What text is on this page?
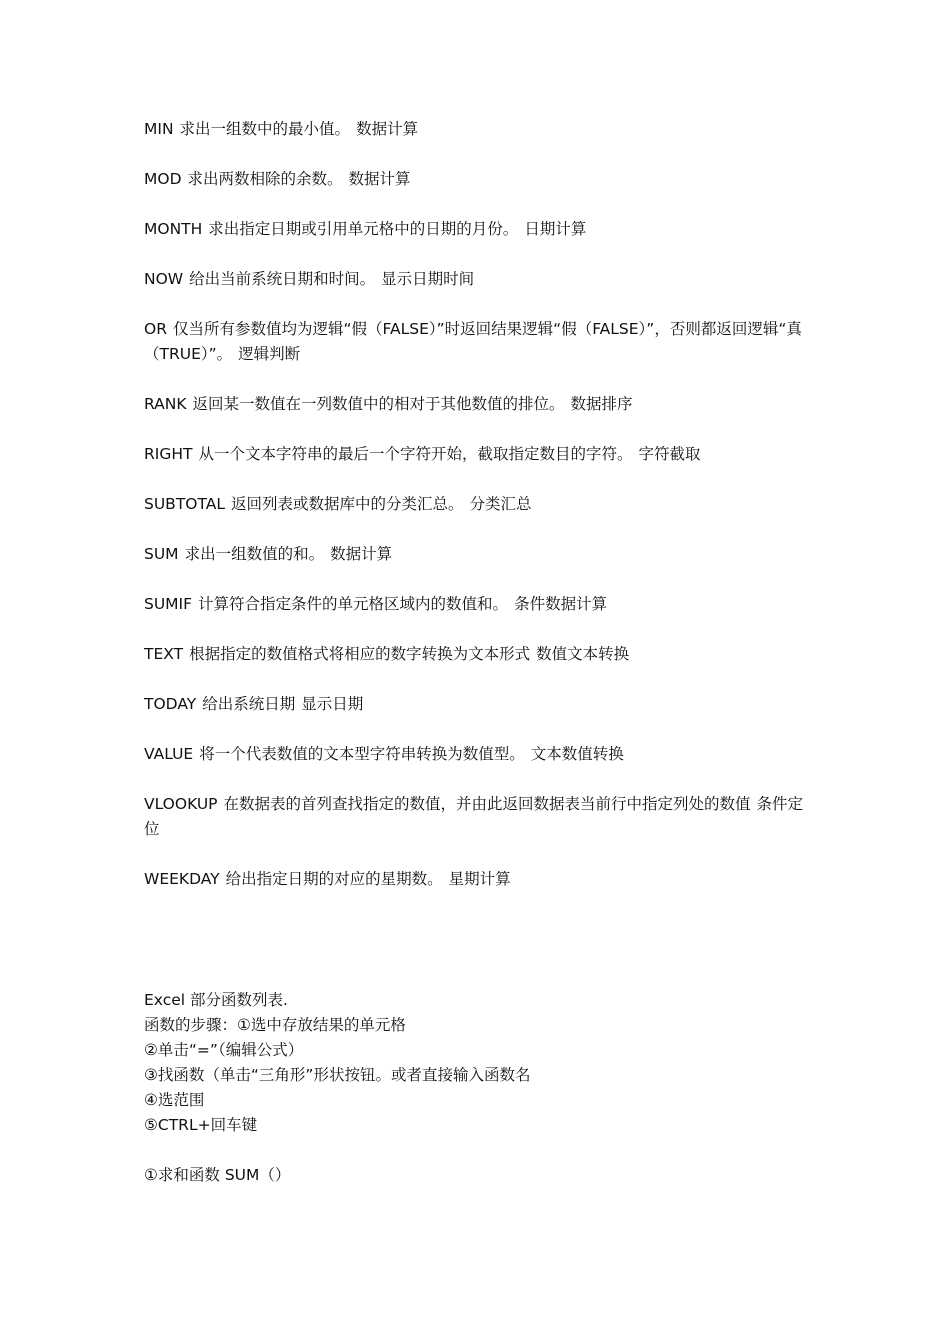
MIN 求出一组数中的最小值。 数据计算
MOD 求出两数相除的余数。 数据计算
MONTH 求出指定日期或引用单元格中的日期的月份。 日期计算
NOW 给出当前系统日期和时间。 显示日期时间
OR 仅当所有参数值均为逻辑“假（FALSE）”时返回结果逻辑“假（FALSE）”，否则都返回逻辑“真（TRUE）”。 逻辑判断
RANK 返回某一数值在一列数值中的相对于其他数值的排位。 数据排序
RIGHT 从一个文本字符串的最后一个字符开始，截取指定数目的字符。 字符截取
SUBTOTAL 返回列表或数据库中的分类汇总。 分类汇总
SUM 求出一组数值的和。 数据计算
SUMIF 计算符合指定条件的单元格区域内的数值和。 条件数据计算
TEXT 根据指定的数值格式将相应的数字转换为文本形式 数值文本转换
TODAY 给出系统日期 显示日期
VALUE 将一个代表数值的文本型字符串转换为数值型。 文本数值转换
VLOOKUP 在数据表的首列查找指定的数值，并由此返回数据表当前行中指定列处的数值 条件定位
WEEKDAY 给出指定日期的对应的星期数。 星期计算
Excel 部分函数列表.
函数的步骤：①选中存放结果的单元格
②单击“=”（编辑公式）
③找函数（单击“三角形”形状按钮。或者直接输入函数名
④选范围
⑤CTRL+回车键
①求和函数 SUM（）
